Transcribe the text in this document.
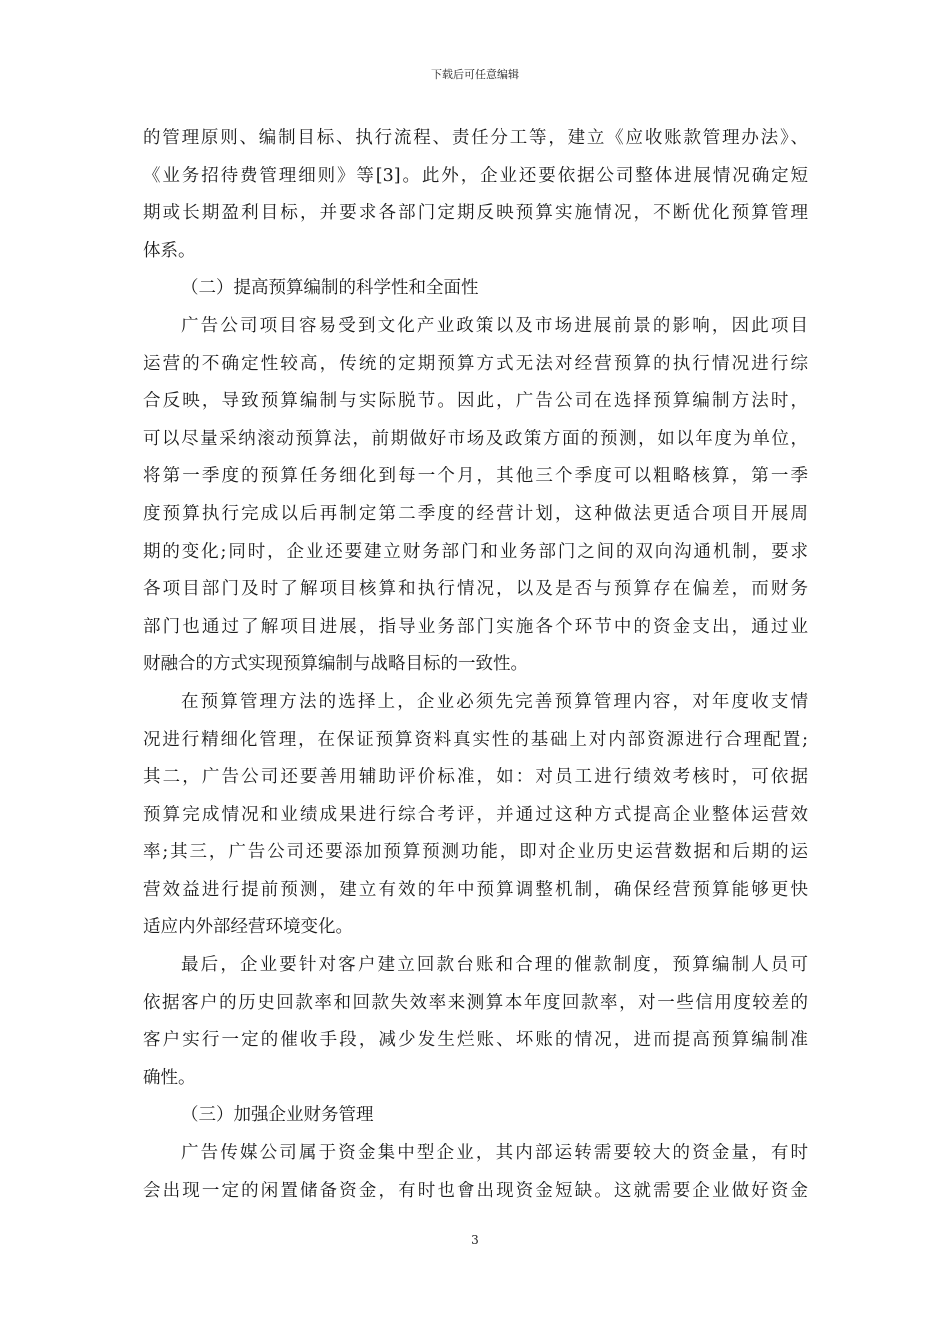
下载后可任意编辑
的管理原则、编制目标、执行流程、责任分工等，建立《应收账款管理办法》、
《业务招待费管理细则》等[3]。此外，企业还要依据公司整体进展情况确定短
期或长期盈利目标，并要求各部门定期反映预算实施情况，不断优化预算管理
体系。
（二）提高预算编制的科学性和全面性
广告公司项目容易受到文化产业政策以及市场进展前景的影响，因此项目
运营的不确定性较高，传统的定期预算方式无法对经营预算的执行情况进行综
合反映，导致预算编制与实际脱节。因此，广告公司在选择预算编制方法时，
可以尽量采纳滚动预算法，前期做好市场及政策方面的预测，如以年度为单位，
将第一季度的预算任务细化到每一个月，其他三个季度可以粗略核算，第一季
度预算执行完成以后再制定第二季度的经营计划，这种做法更适合项目开展周
期的变化;同时，企业还要建立财务部门和业务部门之间的双向沟通机制，要求
各项目部门及时了解项目核算和执行情况，以及是否与预算存在偏差，而财务
部门也通过了解项目进展，指导业务部门实施各个环节中的资金支出，通过业
财融合的方式实现预算编制与战略目标的一致性。
在预算管理方法的选择上，企业必须先完善预算管理内容，对年度收支情
况进行精细化管理，在保证预算资料真实性的基础上对内部资源进行合理配置;
其二，广告公司还要善用辅助评价标准，如：对员工进行绩效考核时，可依据
预算完成情况和业绩成果进行综合考评，并通过这种方式提高企业整体运营效
率;其三，广告公司还要添加预算预测功能，即对企业历史运营数据和后期的运
营效益进行提前预测，建立有效的年中预算调整机制，确保经营预算能够更快
适应内外部经营环境变化。
最后，企业要针对客户建立回款台账和合理的催款制度，预算编制人员可
依据客户的历史回款率和回款失效率来测算本年度回款率，对一些信用度较差的
客户实行一定的催收手段，减少发生烂账、坏账的情况，进而提高预算编制准
确性。
（三）加强企业财务管理
广告传媒公司属于资金集中型企业，其内部运转需要较大的资金量，有时
会出现一定的闲置储备资金，有时也會出现资金短缺。这就需要企业做好资金
3
